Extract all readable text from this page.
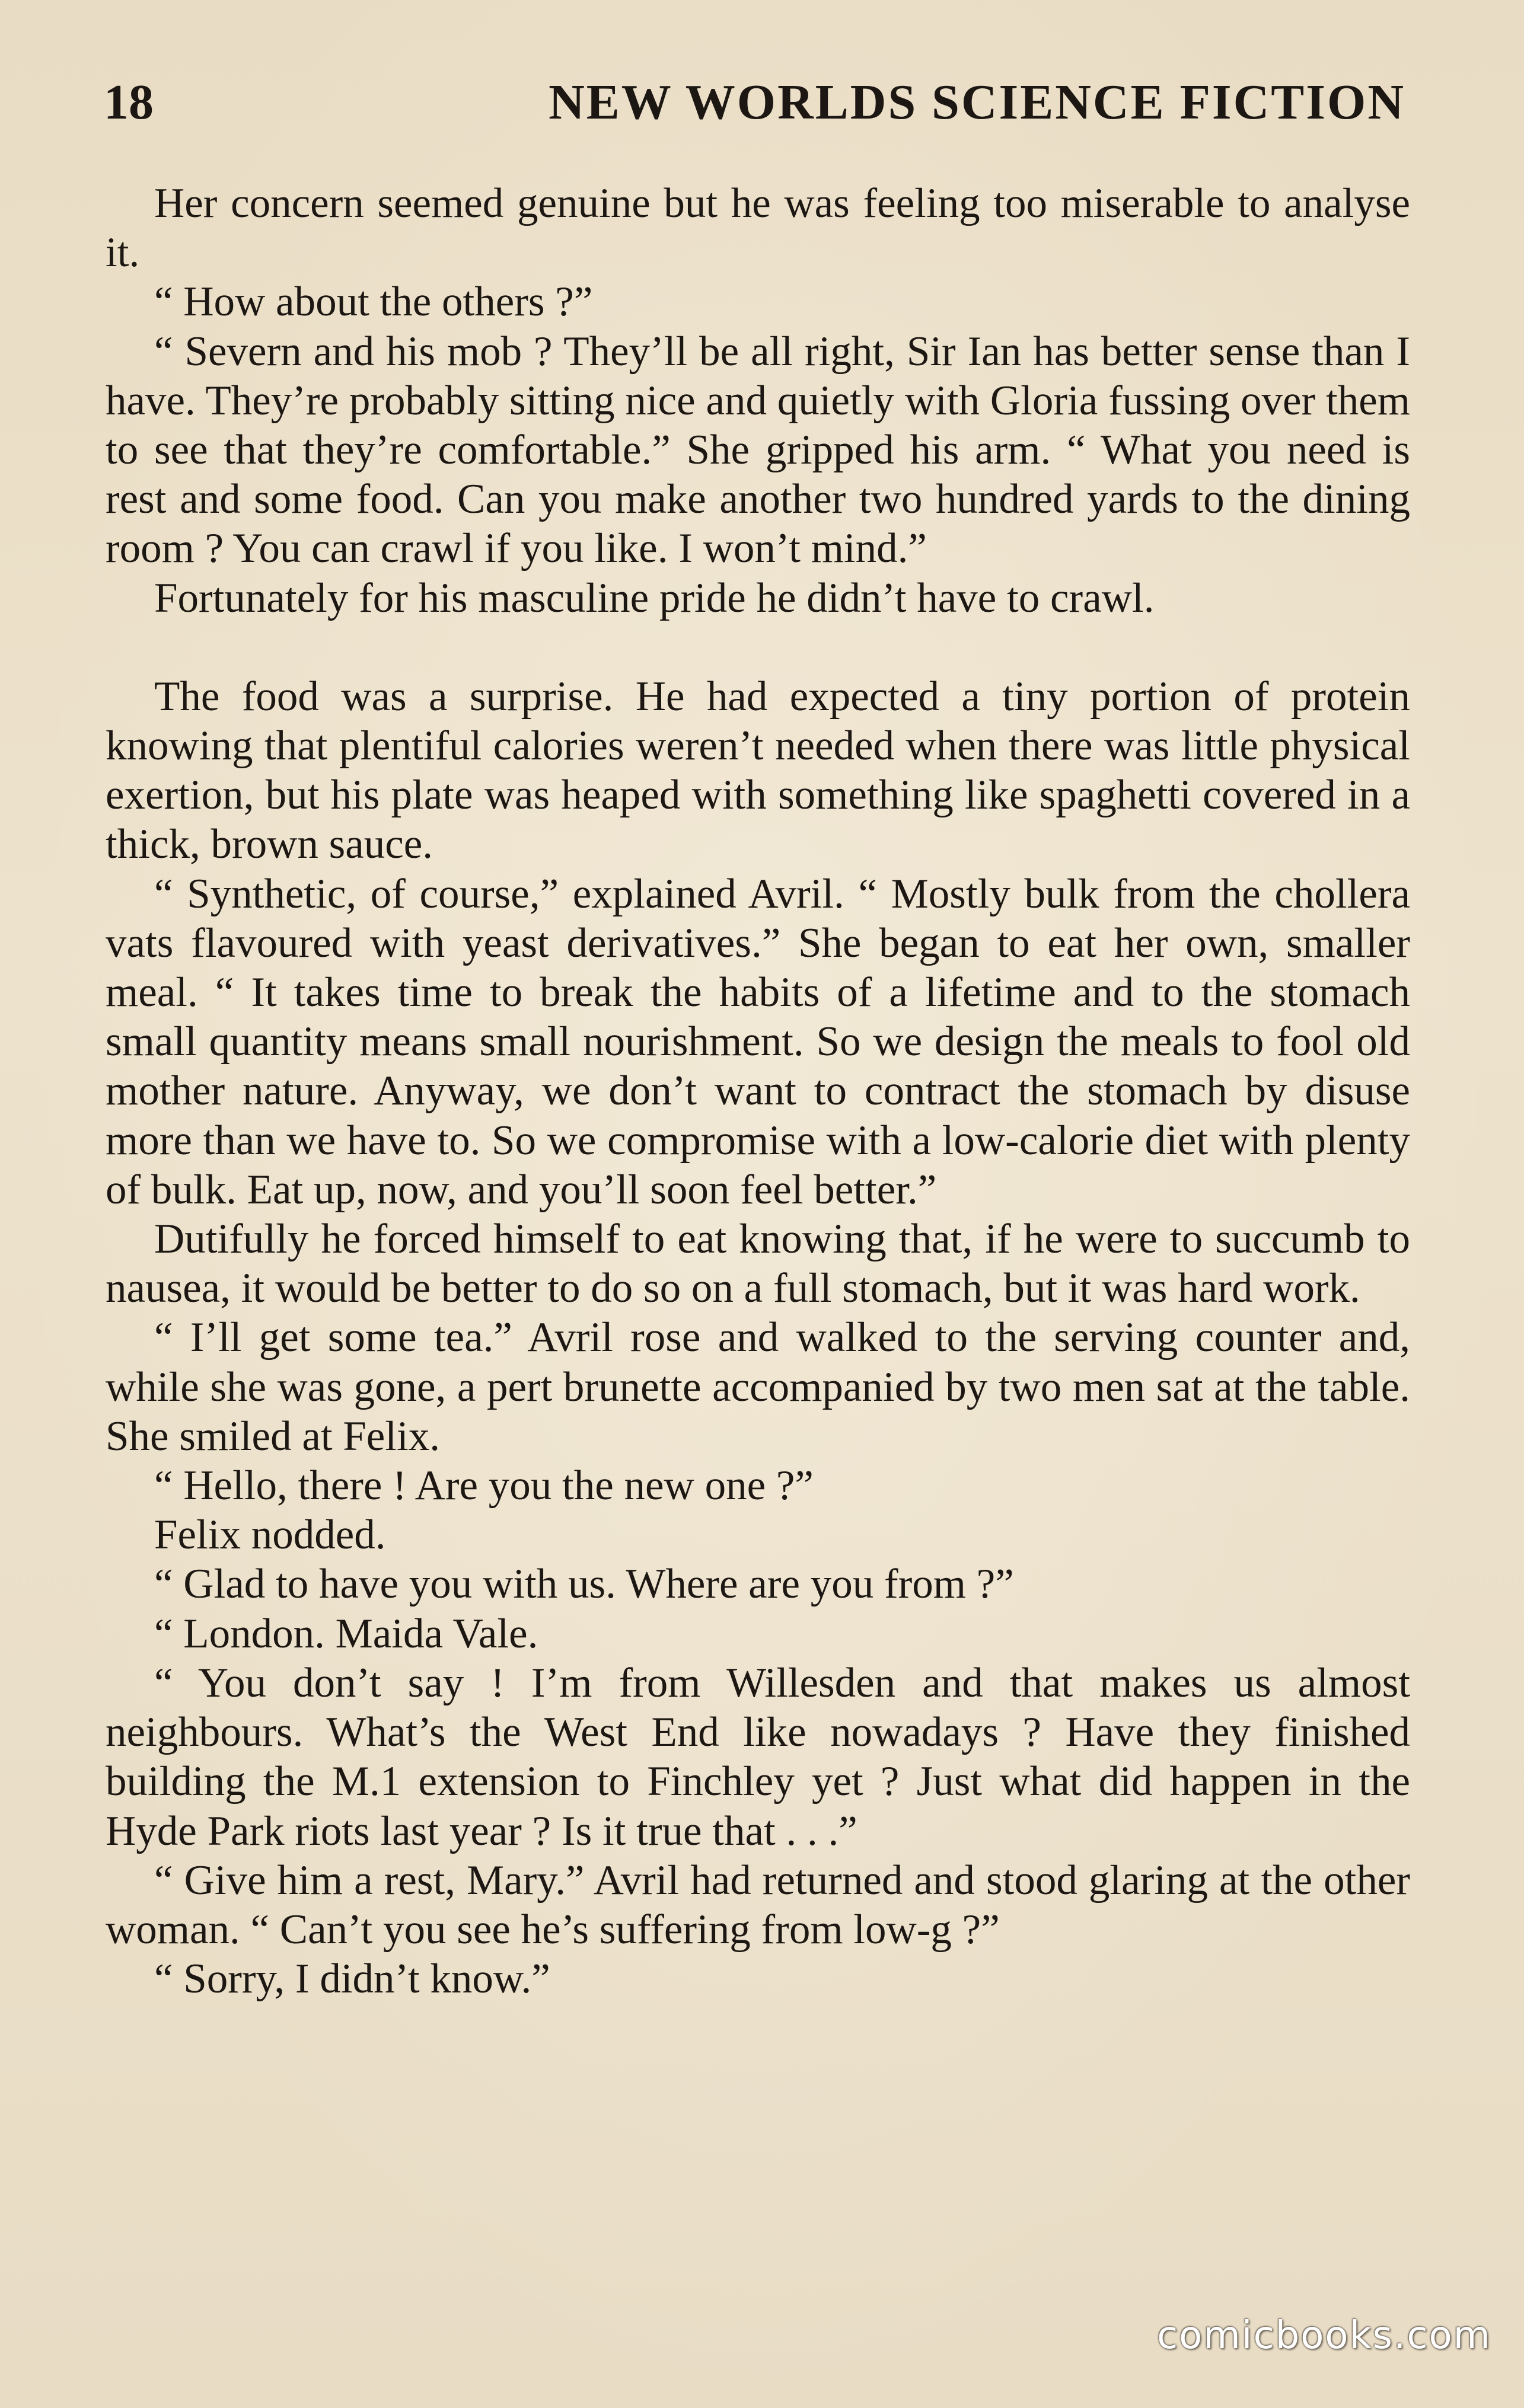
18	NEW WORLDS SCIENCE FICTION

Her concern seemed genuine but he was feeling too miserable to analyse it.

“ How about the others ?”

“ Severn and his mob ? They’ll be all right, Sir Ian has better sense than I have. They’re probably sitting nice and quietly with Gloria fussing over them to see that they’re comfortable.” She gripped his arm. “ What you need is rest and some food. Can you make another two hundred yards to the dining room ? You can crawl if you like. I won’t mind.”

Fortunately for his masculine pride he didn’t have to crawl.

The food was a surprise. He had expected a tiny portion of protein knowing that plentiful calories weren’t needed when there was little physical exertion, but his plate was heaped with something like spaghetti covered in a thick, brown sauce.

“ Synthetic, of course,” explained Avril. “ Mostly bulk from the chollera vats flavoured with yeast derivatives.” She began to eat her own, smaller meal. “ It takes time to break the habits of a lifetime and to the stomach small quantity means small nourishment. So we design the meals to fool old mother nature. Anyway, we don’t want to contract the stomach by disuse more than we have to. So we compromise with a low-calorie diet with plenty of bulk. Eat up, now, and you’ll soon feel better.”

Dutifully he forced himself to eat knowing that, if he were to succumb to nausea, it would be better to do so on a full stomach, but it was hard work.

“ I’ll get some tea.” Avril rose and walked to the serving counter and, while she was gone, a pert brunette accompanied by two men sat at the table. She smiled at Felix.

“ Hello, there ! Are you the new one ?”

Felix nodded.

“ Glad to have you with us. Where are you from ?”

“ London. Maida Vale.

“ You don’t say ! I’m from Willesden and that makes us almost neighbours. What’s the West End like nowadays ? Have they finished building the M.1 extension to Finchley yet ? Just what did happen in the Hyde Park riots last year ? Is it true that . . .”

“ Give him a rest, Mary.” Avril had returned and stood glaring at the other woman. “ Can’t you see he’s suffering from low-g ?”

“ Sorry, I didn’t know.”

comicbooks.com
